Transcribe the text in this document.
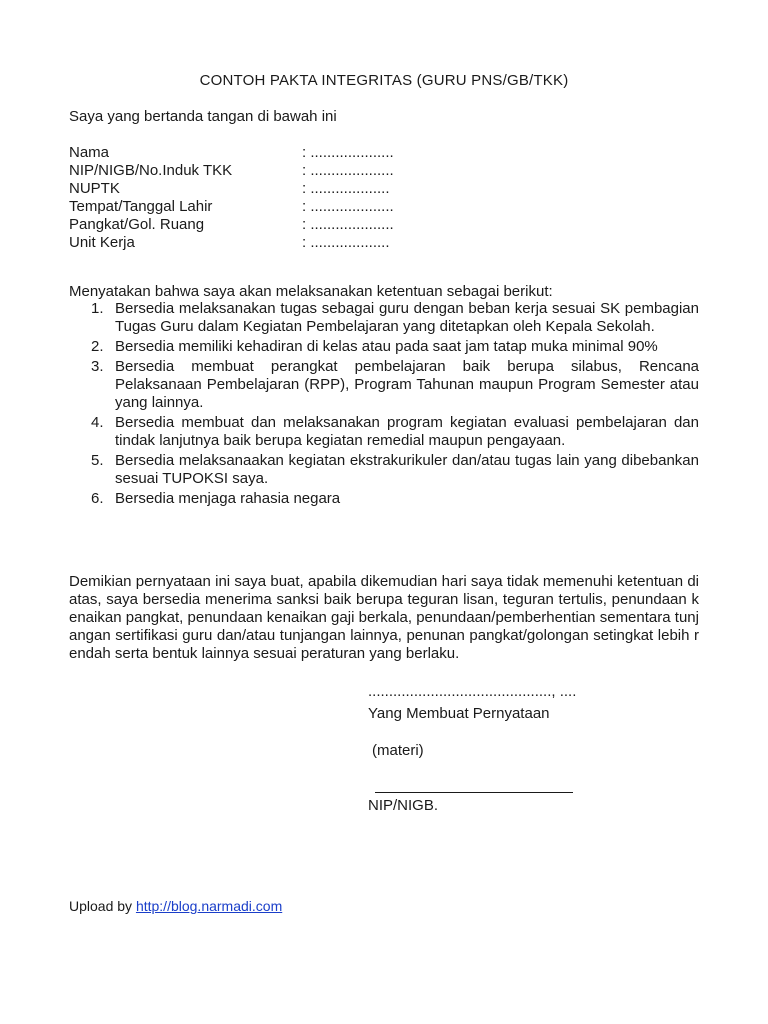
CONTOH PAKTA INTEGRITAS (GURU PNS/GB/TKK)
Saya yang bertanda tangan di bawah ini
Nama	: ....................
NIP/NIGB/No.Induk TKK	: ....................
NUPTK	: ...................
Tempat/Tanggal Lahir	: ....................
Pangkat/Gol. Ruang	: ....................
Unit Kerja	: ...................
Menyatakan bahwa saya akan melaksanakan ketentuan sebagai berikut:
1. Bersedia melaksanakan tugas sebagai guru dengan beban kerja sesuai SK pembagian Tugas Guru dalam Kegiatan Pembelajaran yang ditetapkan oleh Kepala Sekolah.
2. Bersedia memiliki kehadiran di kelas atau pada saat jam tatap muka minimal 90%
3. Bersedia membuat perangkat pembelajaran baik berupa silabus, Rencana Pelaksanaan Pembelajaran (RPP), Program Tahunan maupun Program Semester atau yang lainnya.
4. Bersedia membuat dan melaksanakan program kegiatan evaluasi pembelajaran dan tindak lanjutnya baik berupa kegiatan remedial maupun pengayaan.
5. Bersedia melaksanaakan kegiatan ekstrakurikuler dan/atau tugas lain yang dibebankan sesuai TUPOKSI saya.
6. Bersedia menjaga rahasia negara
Demikian pernyataan ini saya buat, apabila dikemudian hari saya tidak memenuhi ketentuan di atas, saya bersedia menerima sanksi baik berupa teguran lisan, teguran tertulis, penundaan kenaikan pangkat, penundaan kenaikan gaji berkala, penundaan/pemberhentian sementara tunjangan sertifikasi guru dan/atau tunjangan lainnya, penunan pangkat/golongan setingkat lebih rendah serta bentuk lainnya sesuai peraturan yang berlaku.
............................................, ....
Yang Membuat Pernyataan
(materi)
NIP/NIGB.
Upload by http://blog.narmadi.com
